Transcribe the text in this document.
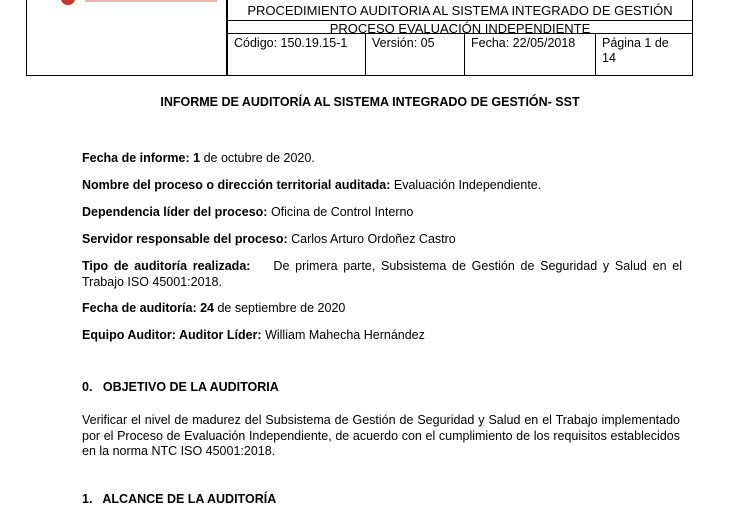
PROCEDIMIENTO AUDITORIA AL SISTEMA INTEGRADO DE GESTIÓN
PROCESO EVALUACIÓN INDEPENDIENTE
Código: 150.19.15-1	Versión: 05	Fecha: 22/05/2018	Página 1 de 14
INFORME DE AUDITORÍA AL SISTEMA INTEGRADO DE GESTIÓN- SST
Fecha de informe: 1 de octubre de 2020.
Nombre del proceso o dirección territorial auditada: Evaluación Independiente.
Dependencia líder del proceso: Oficina de Control Interno
Servidor responsable del proceso: Carlos Arturo Ordoñez Castro
Tipo de auditoría realizada:    De primera parte, Subsistema de Gestión de Seguridad y Salud en el Trabajo ISO 45001:2018.
Fecha de auditoría: 24 de septiembre de 2020
Equipo Auditor: Auditor Líder: William Mahecha Hernández
0.   OBJETIVO DE LA AUDITORIA
Verificar el nivel de madurez del Subsistema de Gestión de Seguridad y Salud en el Trabajo implementado por el Proceso de Evaluación Independiente, de acuerdo con el cumplimiento de los requisitos establecidos en la norma NTC ISO 45001:2018.
1.   ALCANCE DE LA AUDITORÍA
